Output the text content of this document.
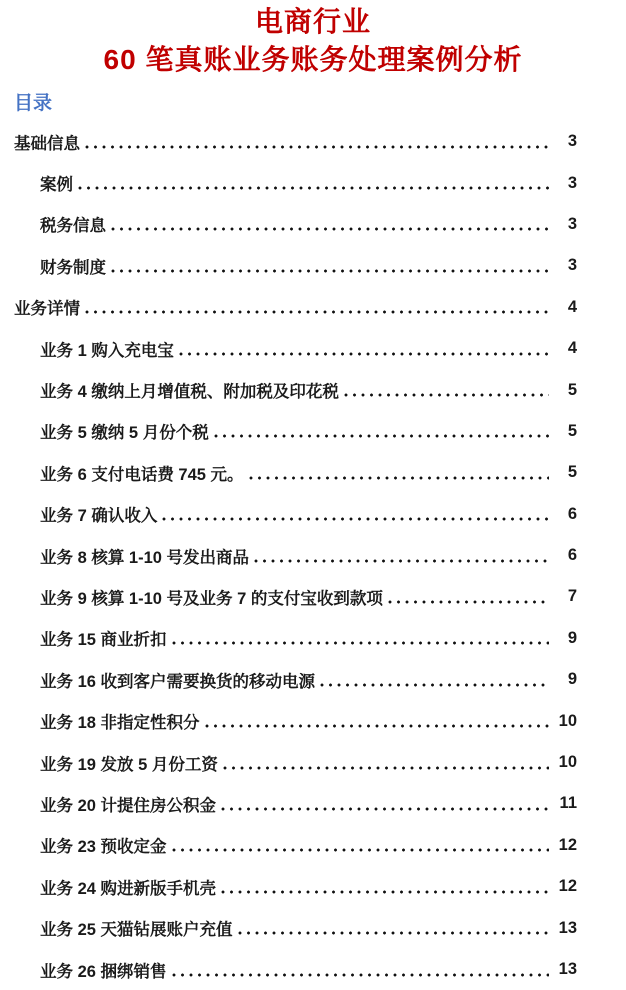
电商行业
60 笔真账业务账务处理案例分析
目录
基础信息	3
案例	3
税务信息	3
财务制度	3
业务详情	4
业务 1 购入充电宝	4
业务 4 缴纳上月增值税、附加税及印花税	5
业务 5 缴纳 5 月份个税	5
业务 6 支付电话费 745 元。	5
业务 7 确认收入	6
业务 8 核算 1-10 号发出商品	6
业务 9 核算 1-10 号及业务 7 的支付宝收到款项	7
业务 15 商业折扣	9
业务 16 收到客户需要换货的移动电源	9
业务 18 非指定性积分	10
业务 19 发放 5 月份工资	10
业务 20 计提住房公积金	11
业务 23 预收定金	12
业务 24 购进新版手机壳	12
业务 25 天猫钻展账户充值	13
业务 26 捆绑销售	13
